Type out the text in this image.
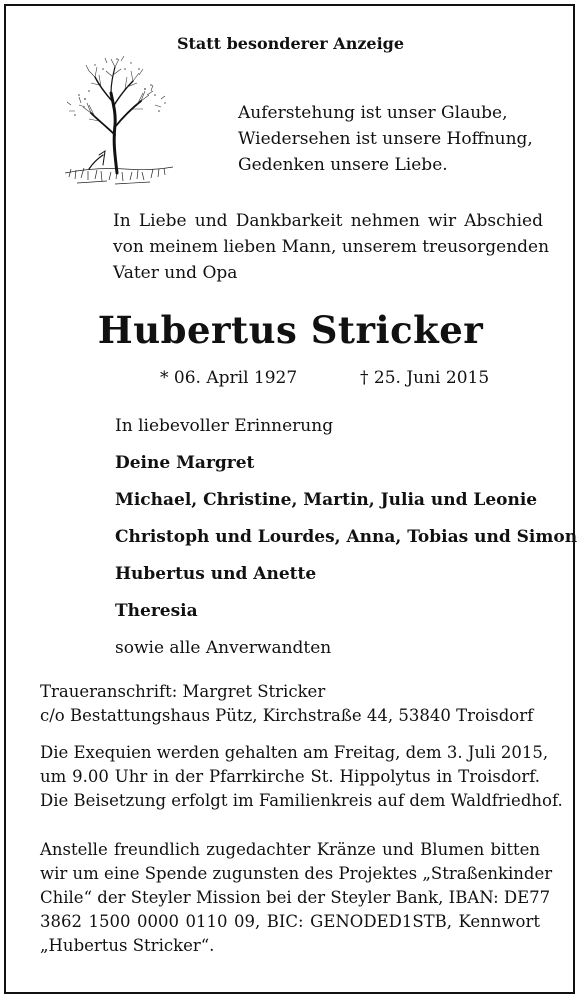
Statt besonderer Anzeige
Auferstehung ist unser Glaube,
Wiedersehen ist unsere Hoffnung,
Gedenken unsere Liebe.
In Liebe und Dankbarkeit nehmen wir Abschied
von meinem lieben Mann, unserem treusorgenden
Vater und Opa
Hubertus Stricker
* 06. April 1927	† 25. Juni 2015
In liebevoller Erinnerung
Deine Margret
Michael, Christine, Martin, Julia und Leonie
Christoph und Lourdes, Anna, Tobias und Simon
Hubertus und Anette
Theresia
sowie alle Anverwandten
Traueranschrift: Margret Stricker
c/o Bestattungshaus Pütz, Kirchstraße 44, 53840 Troisdorf
Die Exequien werden gehalten am Freitag, dem 3. Juli 2015,
um 9.00 Uhr in der Pfarrkirche St. Hippolytus in Troisdorf.
Die Beisetzung erfolgt im Familienkreis auf dem Waldfriedhof.
Anstelle freundlich zugedachter Kränze und Blumen bitten
wir um eine Spende zugunsten des Projektes „Straßenkinder
Chile“ der Steyler Mission bei der Steyler Bank, IBAN: DE77
3862 1500 0000 0110 09, BIC: GENODED1STB, Kennwort
„Hubertus Stricker“.
